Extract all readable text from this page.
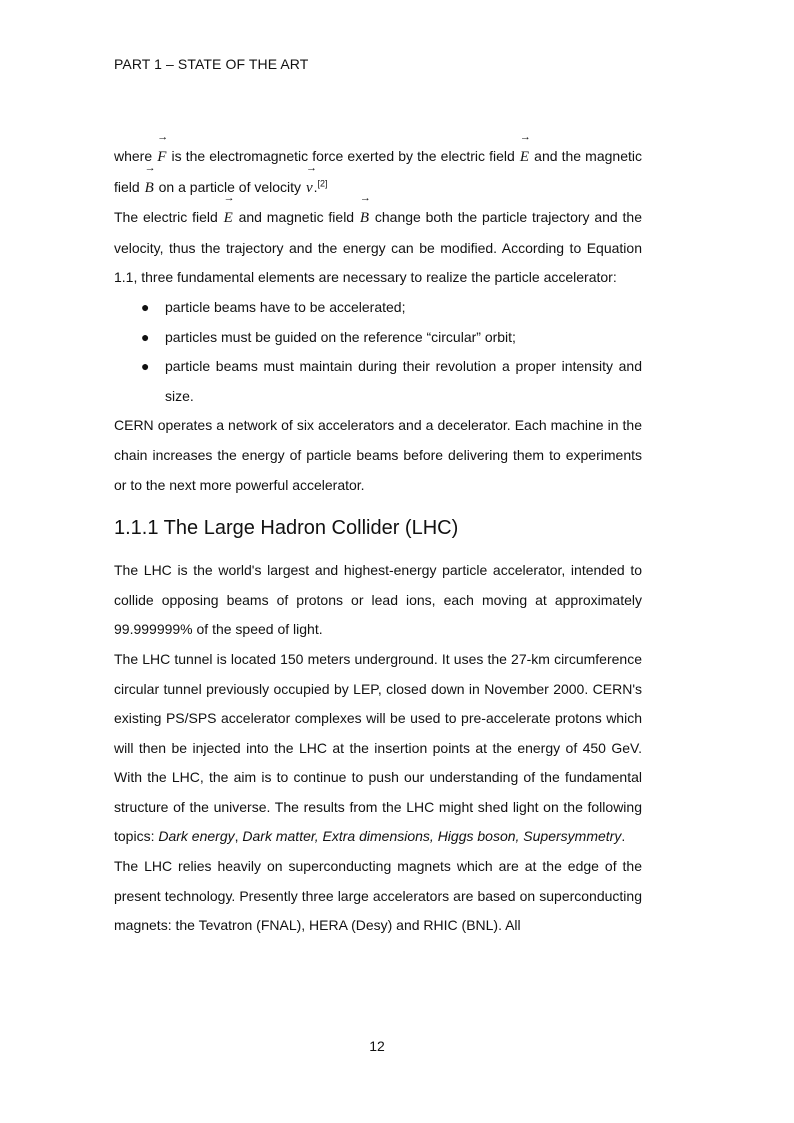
PART 1 – STATE OF THE ART

where
→
F is the electromagnetic force exerted by the electric field
→
E and the magnetic field
→
B on a particle of velocity
→
v.[2]

The electric field
→
E and magnetic field
→
B change both the particle trajectory and the velocity, thus the trajectory and the energy can be modified. According to Equation 1.1, three fundamental elements are necessary to realize the particle accelerator:

● particle beams have to be accelerated;
● particles must be guided on the reference “circular” orbit;
● particle beams must maintain during their revolution a proper intensity and size.

CERN operates a network of six accelerators and a decelerator. Each machine in the chain increases the energy of particle beams before delivering them to experiments or to the next more powerful accelerator.

1.1.1 The Large Hadron Collider (LHC)

The LHC is the world's largest and highest-energy particle accelerator, intended to collide opposing beams of protons or lead ions, each moving at approximately 99.999999% of the speed of light.

The LHC tunnel is located 150 meters underground. It uses the 27-km circumference circular tunnel previously occupied by LEP, closed down in November 2000. CERN's existing PS/SPS accelerator complexes will be used to pre-accelerate protons which will then be injected into the LHC at the insertion points at the energy of 450 GeV. With the LHC, the aim is to continue to push our understanding of the fundamental structure of the universe. The results from the LHC might shed light on the following topics: Dark energy, Dark matter, Extra dimensions, Higgs boson, Supersymmetry.

The LHC relies heavily on superconducting magnets which are at the edge of the present technology. Presently three large accelerators are based on superconducting magnets: the Tevatron (FNAL), HERA (Desy) and RHIC (BNL). All

12
